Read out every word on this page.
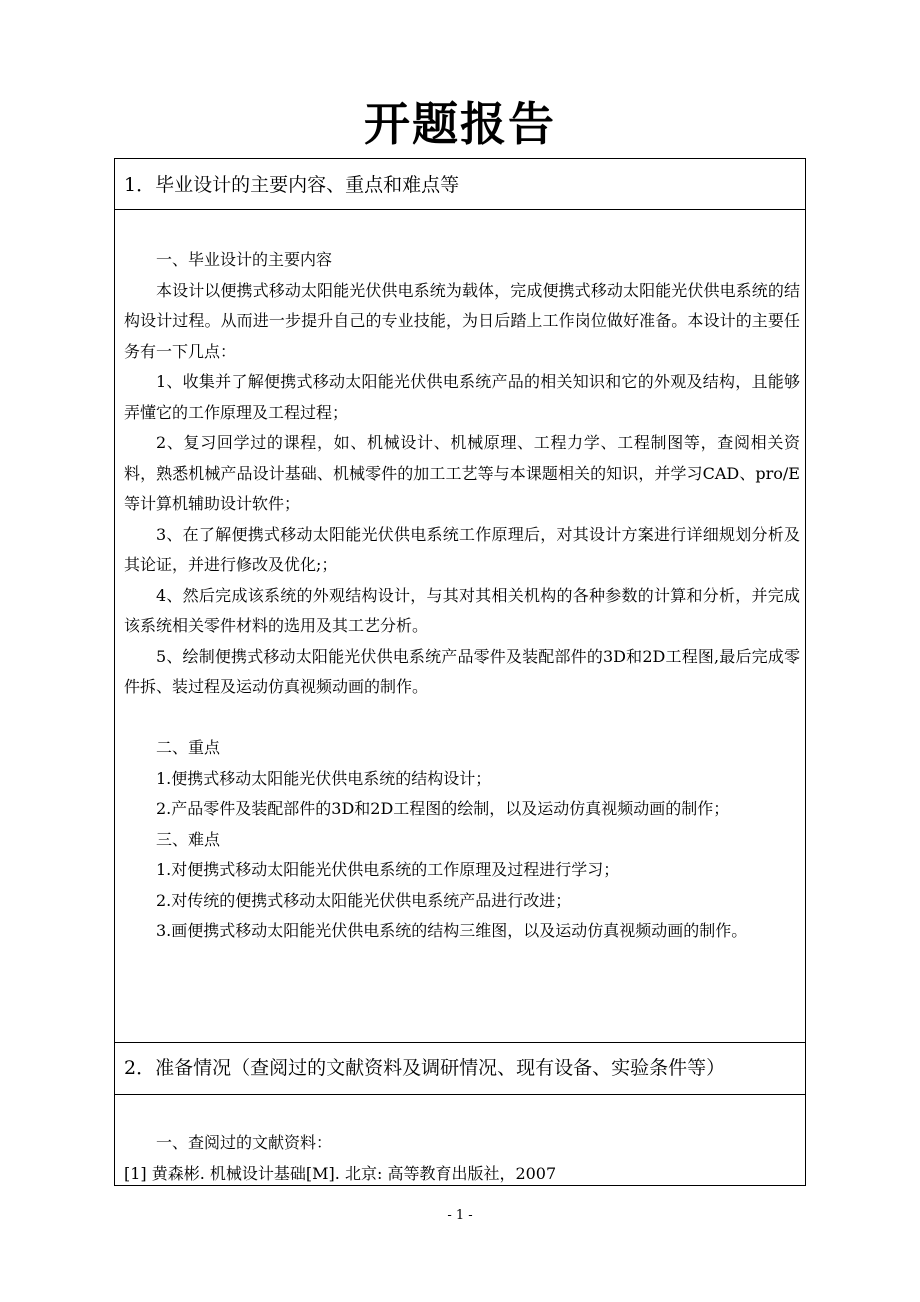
开题报告
1．毕业设计的主要内容、重点和难点等

一、毕业设计的主要内容

本设计以便携式移动太阳能光伏供电系统为载体，完成便携式移动太阳能光伏供电系统的结构设计过程。从而进一步提升自己的专业技能，为日后踏上工作岗位做好准备。本设计的主要任务有一下几点：

1、收集并了解便携式移动太阳能光伏供电系统产品的相关知识和它的外观及结构，且能够弄懂它的工作原理及工程过程；

2、复习回学过的课程，如、机械设计、机械原理、工程力学、工程制图等，查阅相关资料，熟悉机械产品设计基础、机械零件的加工工艺等与本课题相关的知识，并学习CAD、pro/E等计算机辅助设计软件；

3、在了解便携式移动太阳能光伏供电系统工作原理后，对其设计方案进行详细规划分析及其论证，并进行修改及优化;；

4、然后完成该系统的外观结构设计，与其对其相关机构的各种参数的计算和分析，并完成该系统相关零件材料的选用及其工艺分析。

5、绘制便携式移动太阳能光伏供电系统产品零件及装配部件的3D和2D工程图,最后完成零件拆、装过程及运动仿真视频动画的制作。

二、重点

1.便携式移动太阳能光伏供电系统的结构设计；

2.产品零件及装配部件的3D和2D工程图的绘制，以及运动仿真视频动画的制作；

三、难点

1.对便携式移动太阳能光伏供电系统的工作原理及过程进行学习；

2.对传统的便携式移动太阳能光伏供电系统产品进行改进；

3.画便携式移动太阳能光伏供电系统的结构三维图，以及运动仿真视频动画的制作。

2．准备情况（查阅过的文献资料及调研情况、现有设备、实验条件等）

一、查阅过的文献资料：

[1] 黄森彬. 机械设计基础[M]. 北京: 高等教育出版社，2007

- 1 -
